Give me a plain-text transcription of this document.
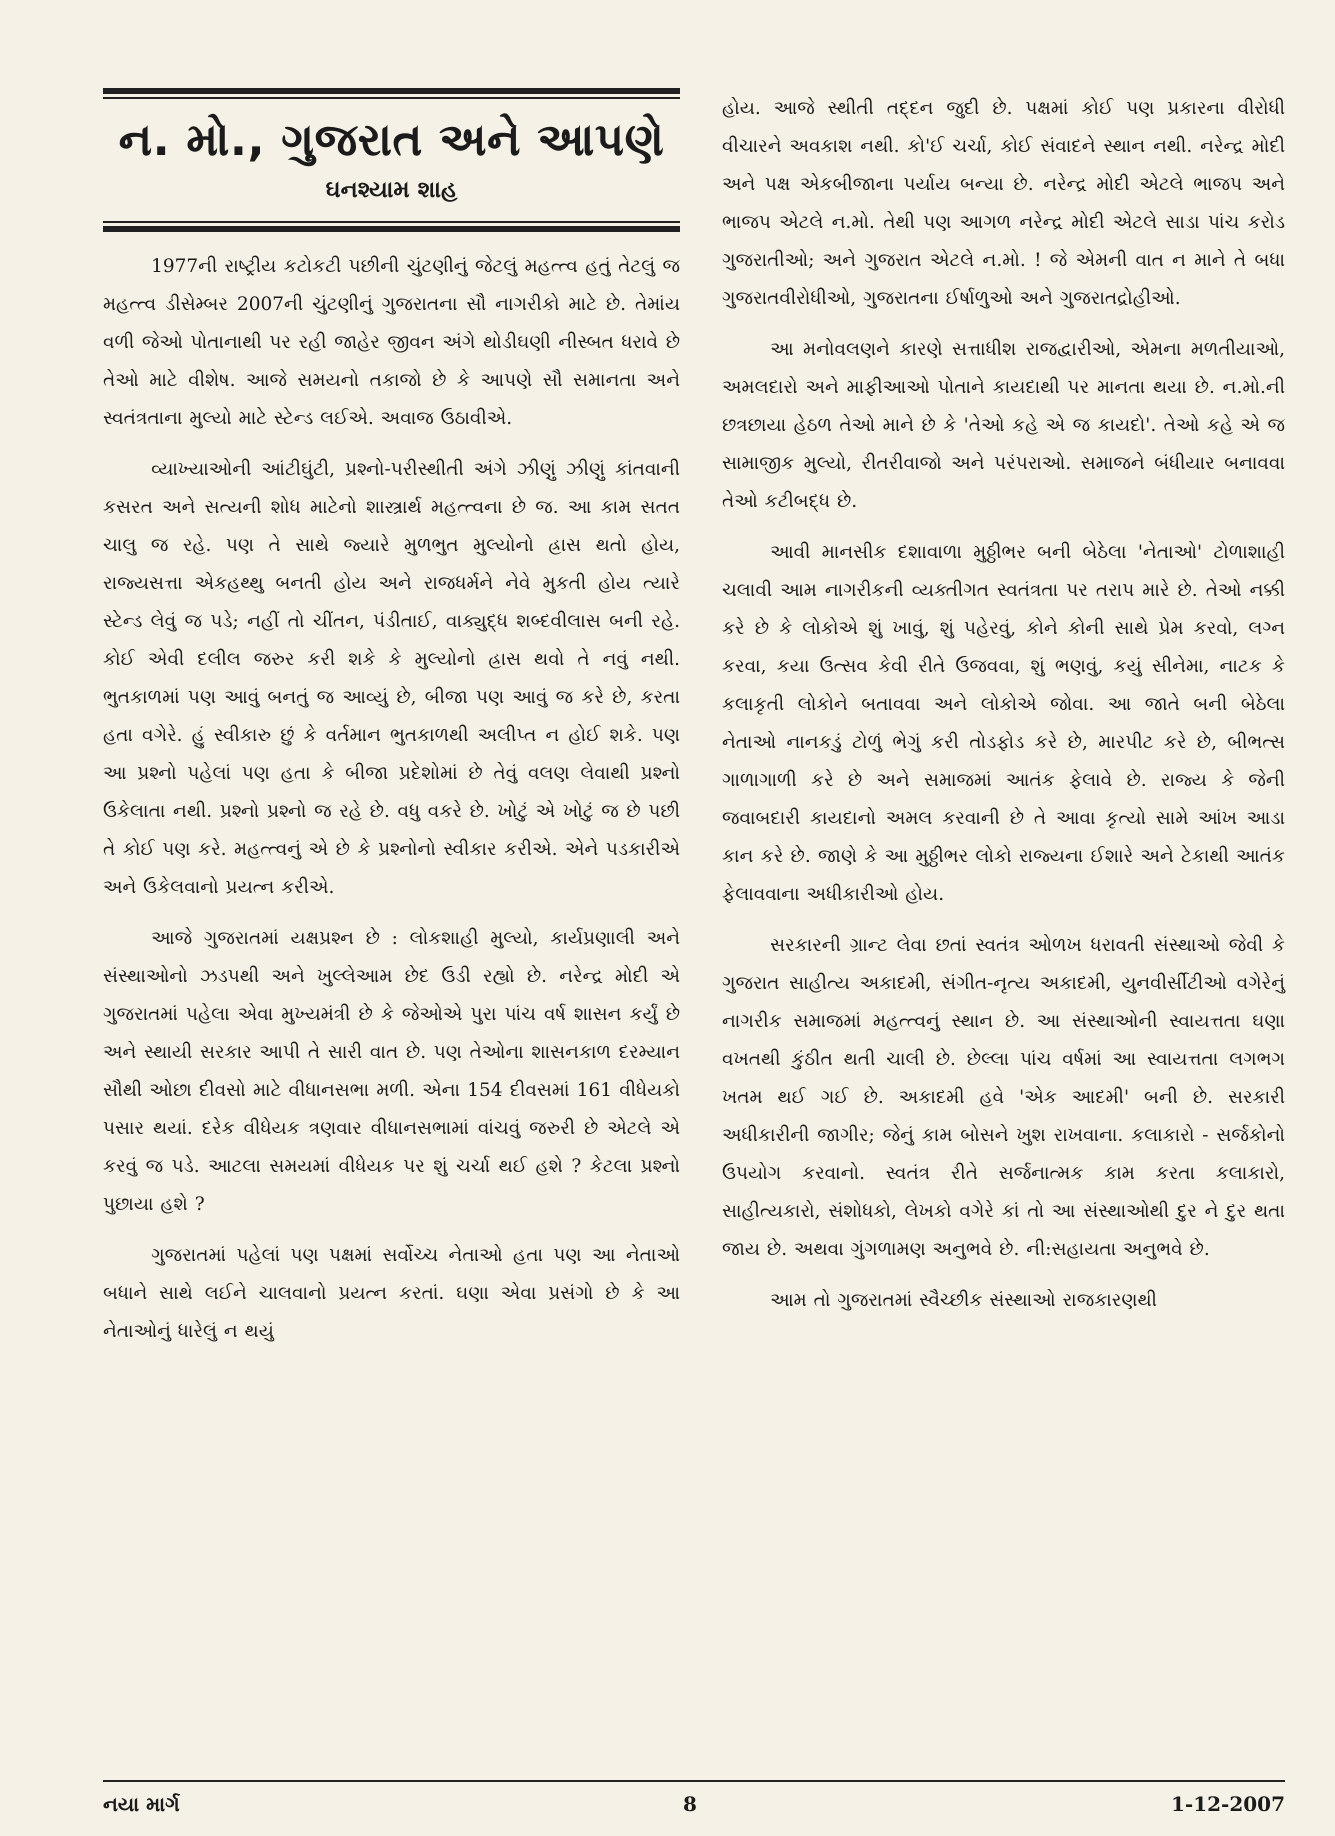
ન. મો., ગુજરાત અને આપણે
ઘનશ્યામ શાહ

1977ની રાષ્ટ્રીય કટોકટી પછીની ચુંટણીનું જેટલું મહત્ત્વ હતું તેટલું જ મહત્ત્વ ડીસેમ્બર 2007ની ચુંટણીનું ગુજરાતના સૌ નાગરીકો માટે છે. તેમાંય વળી જેઓ પોતાનાથી પર રહી જાહેર જીવન અંગે થોડીઘણી નીસ્બત ધરાવે છે તેઓ માટે વીશેષ. આજે સમયનો તકાજો છે કે આપણે સૌ સમાનતા અને સ્વતંત્રતાના મુલ્યો માટે સ્ટેન્ડ લઈએ. અવાજ ઉઠાવીએ.

વ્યાખ્યાઓની આંટીઘુંટી, પ્રશ્નો-પરીસ્થીતી અંગે ઝીણું ઝીણું કાંતવાની કસરત અને સત્યની શોધ માટેનો શાસ્ત્રાર્થ મહત્ત્વના છે જ. આ કામ સતત ચાલુ જ રહે. પણ તે સાથે જ્યારે મુળભુત મુલ્યોનો હ્રાસ થતો હોય, રાજ્યસત્તા એકહથ્થુ બનતી હોય અને રાજધર્મને નેવે મુકતી હોય ત્યારે સ્ટેન્ડ લેવું જ પડે; નહીં તો ચીંતન, પંડીતાઈ, વાક્યુદ્ધ શબ્દવીલાસ બની રહે. કોઈ એવી દલીલ જરુર કરી શકે કે મુલ્યોનો હ્રાસ થવો તે નવું નથી. ભુતકાળમાં પણ આવું બનતું જ આવ્યું છે, બીજા પણ આવું જ કરે છે, કરતા હતા વગેરે. હું સ્વીકારુ છું કે વર્તમાન ભુતકાળથી અલીપ્ત ન હોઈ શકે. પણ આ પ્રશ્નો પહેલાં પણ હતા કે બીજા પ્રદેશોમાં છે તેવું વલણ લેવાથી પ્રશ્નો ઉકેલાતા નથી. પ્રશ્નો પ્રશ્નો જ રહે છે. વધુ વકરે છે. ખોટું એ ખોટું જ છે પછી તે કોઈ પણ કરે. મહત્ત્વનું એ છે કે પ્રશ્નોનો સ્વીકાર કરીએ. એને પડકારીએ અને ઉકેલવાનો પ્રયત્ન કરીએ.

આજે ગુજરાતમાં યક્ષપ્રશ્ન છે : લોકશાહી મુલ્યો, કાર્યપ્રણાલી અને સંસ્થાઓનો ઝડપથી અને ખુલ્લેઆમ છેદ ઉડી રહ્યો છે. નરેન્દ્ર મોદી એ ગુજરાતમાં પહેલા એવા મુખ્યમંત્રી છે કે જેઓએ પુરા પાંચ વર્ષ શાસન કર્યું છે અને સ્થાયી સરકાર આપી તે સારી વાત છે. પણ તેઓના શાસનકાળ દરમ્યાન સૌથી ઓછા દીવસો માટે વીધાનસભા મળી. એના 154 દીવસમાં 161 વીધેયકો પસાર થયાં. દરેક વીધેયક ત્રણવાર વીધાનસભામાં વાંચવું જરુરી છે એટલે એ કરવું જ પડે. આટલા સમયમાં વીધેયક પર શું ચર્ચા થઈ હશે ? કેટલા પ્રશ્નો પુછાયા હશે ?

ગુજરાતમાં પહેલાં પણ પક્ષમાં સર્વોચ્ચ નેતાઓ હતા પણ આ નેતાઓ બધાને સાથે લઈને ચાલવાનો પ્રયત્ન કરતાં. ઘણા એવા પ્રસંગો છે કે આ નેતાઓનું ધારેલું ન થયું

હોય. આજે સ્થીતી તદ્દન જુદી છે. પક્ષમાં કોઈ પણ પ્રકારના વીરોધી વીચારને અવકાશ નથી. કો'ઈ ચર્ચા, કોઈ સંવાદને સ્થાન નથી. નરેન્દ્ર મોદી અને પક્ષ એકબીજાના પર્યાય બન્યા છે. નરેન્દ્ર મોદી એટલે ભાજપ અને ભાજપ એટલે ન.મો. તેથી પણ આગળ નરેન્દ્ર મોદી એટલે સાડા પાંચ કરોડ ગુજરાતીઓ; અને ગુજરાત એટલે ન.મો. ! જે એમની વાત ન માને તે બધા ગુજરાતવીરોધીઓ, ગુજરાતના ઈર્ષાળુઓ અને ગુજરાતદ્રોહીઓ.

આ મનોવલણને કારણે સત્તાધીશ રાજદ્વારીઓ, એમના મળતીયાઓ, અમલદારો અને માફીઆઓ પોતાને કાયદાથી પર માનતા થયા છે. ન.મો.ની છત્રછાયા હેઠળ તેઓ માને છે કે 'તેઓ કહે એ જ કાયદો'. તેઓ કહે એ જ સામાજીક મુલ્યો, રીતરીવાજો અને પરંપરાઓ. સમાજને બંધીયાર બનાવવા તેઓ કટીબદ્ધ છે.

આવી માનસીક દશાવાળા મુઠ્ઠીભર બની બેઠેલા 'નેતાઓ' ટોળાશાહી ચલાવી આમ નાગરીકની વ્યક્તીગત સ્વતંત્રતા પર તરાપ મારે છે. તેઓ નક્કી કરે છે કે લોકોએ શું ખાવું, શું પહેરવું, કોને કોની સાથે પ્રેમ કરવો, લગ્ન કરવા, કયા ઉત્સવ કેવી રીતે ઉજવવા, શું ભણવું, કયું સીનેમા, નાટક કે કલાકૃતી લોકોને બતાવવા અને લોકોએ જોવા. આ જાતે બની બેઠેલા નેતાઓ નાનકડું ટોળું ભેગું કરી તોડફોડ કરે છે, મારપીટ કરે છે, બીભત્સ ગાળાગાળી કરે છે અને સમાજમાં આતંક ફેલાવે છે. રાજ્ય કે જેની જવાબદારી કાયદાનો અમલ કરવાની છે તે આવા કૃત્યો સામે આંખ આડા કાન કરે છે. જાણે કે આ મુઠ્ઠીભર લોકો રાજ્યના ઈશારે અને ટેકાથી આતંક ફેલાવવાના અધીકારીઓ હોય.

સરકારની ગ્રાન્ટ લેવા છતાં સ્વતંત્ર ઓળખ ધરાવતી સંસ્થાઓ જેવી કે ગુજરાત સાહીત્ય અકાદમી, સંગીત-નૃત્ય અકાદમી, યુનવીર્સીટીઓ વગેરેનું નાગરીક સમાજમાં મહત્ત્વનું સ્થાન છે. આ સંસ્થાઓની સ્વાયત્તતા ઘણા વખતથી કુંઠીત થતી ચાલી છે. છેલ્લા પાંચ વર્ષમાં આ સ્વાયત્તતા લગભગ ખતમ થઈ ગઈ છે. અકાદમી હવે 'એક આદમી' બની છે. સરકારી અધીકારીની જાગીર; જેનું કામ બોસને ખુશ રાખવાના. કલાકારો - સર્જકોનો ઉપયોગ કરવાનો. સ્વતંત્ર રીતે સર્જનાત્મક કામ કરતા કલાકારો, સાહીત્યકારો, સંશોધકો, લેખકો વગેરે કાં તો આ સંસ્થાઓથી દુર ને દુર થતા જાય છે. અથવા ગુંગળામણ અનુભવે છે. ની:સહાયતા અનુભવે છે.

આમ તો ગુજરાતમાં સ્વૈચ્છીક સંસ્થાઓ રાજકારણથી

નયા માર્ગ	8	1-12-2007
